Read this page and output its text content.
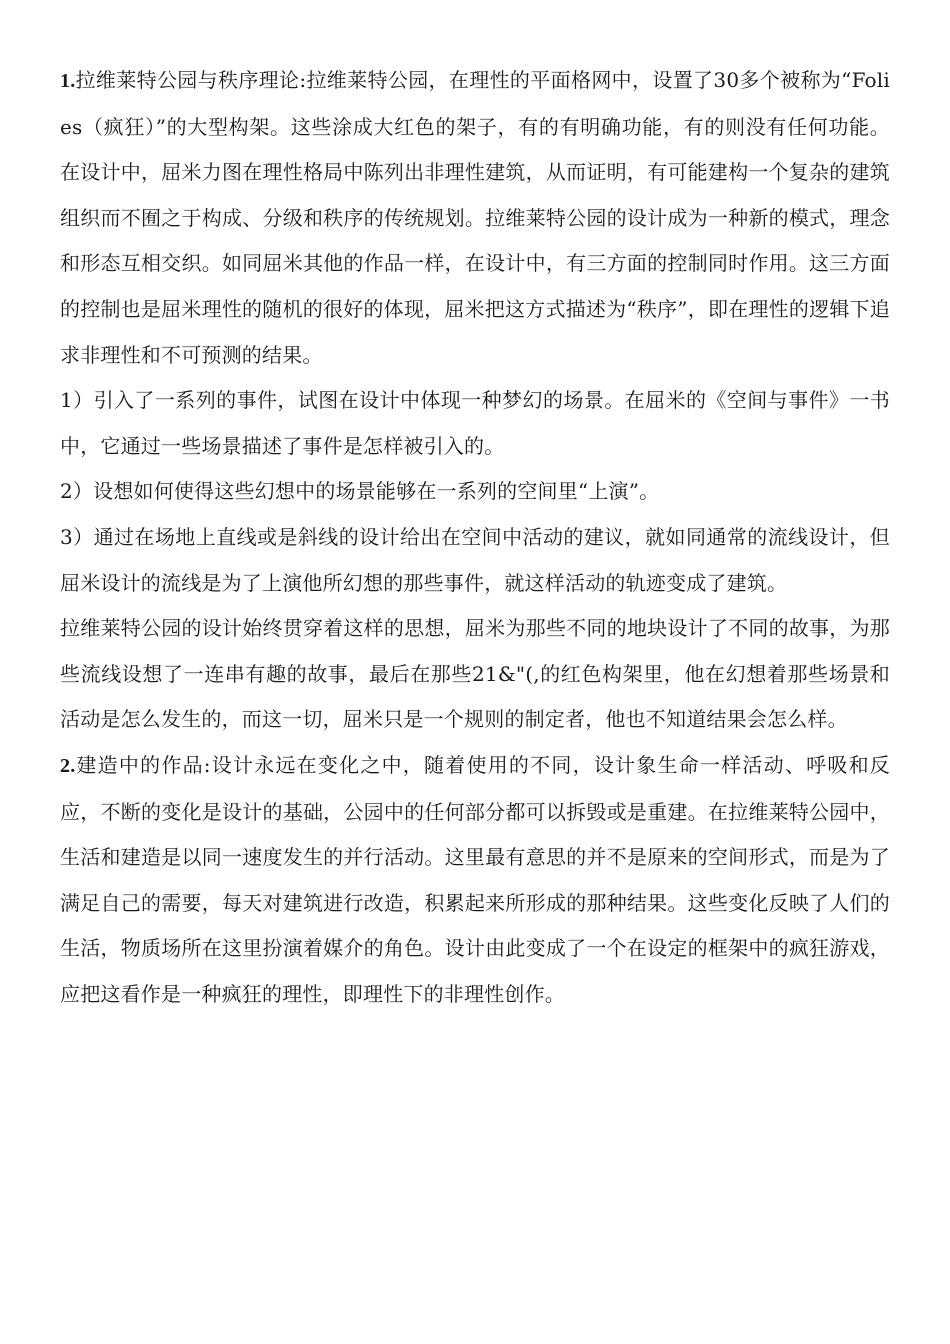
1.拉维莱特公园与秩序理论:拉维莱特公园，在理性的平面格网中，设置了30多个被称为“Folies（疯狂）”的大型构架。这些涂成大红色的架子，有的有明确功能，有的则没有任何功能。在设计中，屈米力图在理性格局中陈列出非理性建筑，从而证明，有可能建构一个复杂的建筑组织而不囿之于构成、分级和秩序的传统规划。拉维莱特公园的设计成为一种新的模式，理念和形态互相交织。如同屈米其他的作品一样，在设计中，有三方面的控制同时作用。这三方面的控制也是屈米理性的随机的很好的体现，屈米把这方式描述为“秩序”，即在理性的逻辑下追求非理性和不可预测的结果。

1）引入了一系列的事件，试图在设计中体现一种梦幻的场景。在屈米的《空间与事件》一书中，它通过一些场景描述了事件是怎样被引入的。

2）设想如何使得这些幻想中的场景能够在一系列的空间里“上演”。

3）通过在场地上直线或是斜线的设计给出在空间中活动的建议，就如同通常的流线设计，但屈米设计的流线是为了上演他所幻想的那些事件，就这样活动的轨迹变成了建筑。

拉维莱特公园的设计始终贯穿着这样的思想，屈米为那些不同的地块设计了不同的故事，为那些流线设想了一连串有趣的故事，最后在那些21&"(,的红色构架里，他在幻想着那些场景和活动是怎么发生的，而这一切，屈米只是一个规则的制定者，他也不知道结果会怎么样。

2.建造中的作品:设计永远在变化之中，随着使用的不同，设计象生命一样活动、呼吸和反应，不断的变化是设计的基础，公园中的任何部分都可以拆毁或是重建。在拉维莱特公园中，生活和建造是以同一速度发生的并行活动。这里最有意思的并不是原来的空间形式，而是为了满足自己的需要，每天对建筑进行改造，积累起来所形成的那种结果。这些变化反映了人们的生活，物质场所在这里扮演着媒介的角色。设计由此变成了一个在设定的框架中的疯狂游戏，应把这看作是一种疯狂的理性，即理性下的非理性创作。
